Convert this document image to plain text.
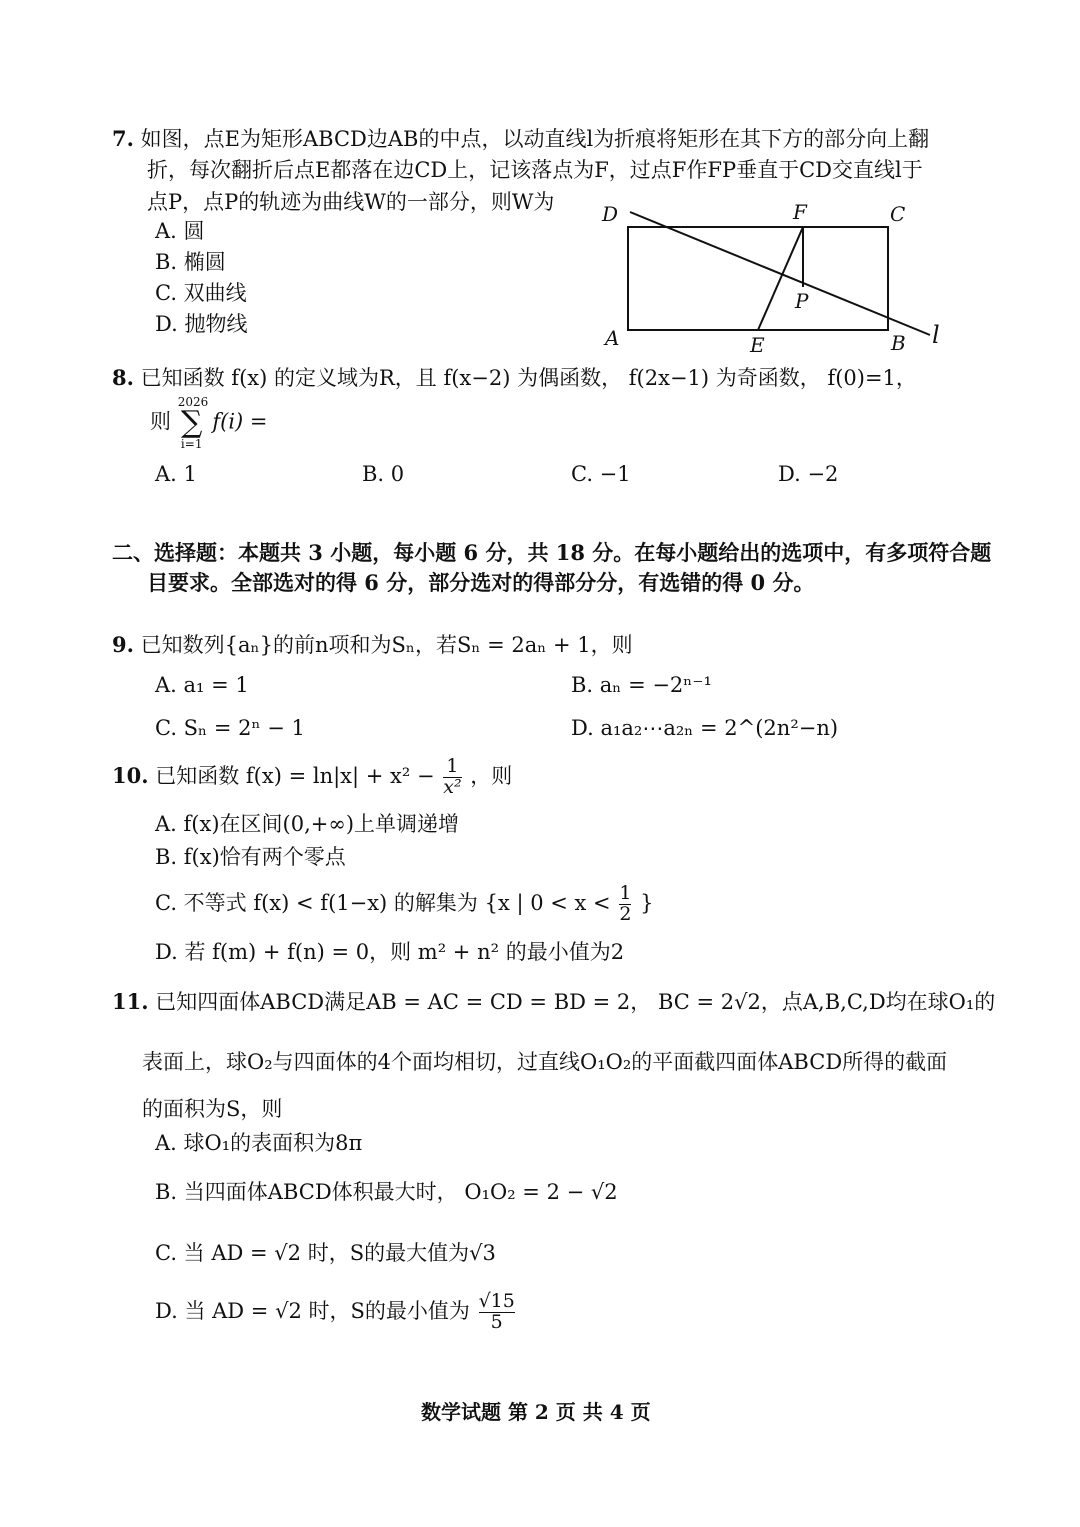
7. 如图，点E为矩形ABCD边AB的中点，以动直线l为折痕将矩形在其下方的部分向上翻
折，每次翻折后点E都落在边CD上，记该落点为F，过点F作FP垂直于CD交直线l于
点P，点P的轨迹为曲线W的一部分，则W为
A. 圆
B. 椭圆
C. 双曲线
D. 抛物线
D	F	C
P
A	E	B l
8. 已知函数 f(x) 的定义域为R，且 f(x−2) 为偶函数， f(2x−1) 为奇函数， f(0)=1，
则
2026
∑
i=1
f(i) =
A. 1	B. 0	C. −1	D. −2
二、选择题：本题共 3 小题，每小题 6 分，共 18 分。在每小题给出的选项中，有多项符合题
目要求。全部选对的得 6 分，部分选对的得部分分，有选错的得 0 分。
9. 已知数列{aₙ}的前n项和为Sₙ，若Sₙ = 2aₙ + 1，则
A. a₁ = 1	B. aₙ = −2ⁿ⁻¹
C. Sₙ = 2ⁿ − 1	D. a₁a₂⋯a₂ₙ = 2^(2n²−n)
10. 已知函数 $f(x) = \ln|x| + x^2 - \frac{1}{\text{x²}}$ ，则
A. f(x)在区间(0,+∞)上单调递增
B. f(x)恰有两个零点
C. 不等式 f(x) < f(1−x) 的解集为 {x | $0 < x < \frac{1}{2}$ }
D. 若 f(m) + f(n) = 0，则 m² + n² 的最小值为2
11. 已知四面体ABCD满足AB = AC = CD = BD = 2， BC = 2√2，点A,B,C,D均在球O₁的
表面上，球O₂与四面体的4个面均相切，过直线O₁O₂的平面截四面体ABCD所得的截面
的面积为S，则
A. 球O₁的表面积为8π
B. 当四面体ABCD体积最大时， O₁O₂ = 2 − √2
C. 当 AD = √2 时，S的最大值为√3
D. 当 AD = √2 时，S的最小值为 $\frac{√15}{5}$
数学试题 第 2 页 共 4 页
